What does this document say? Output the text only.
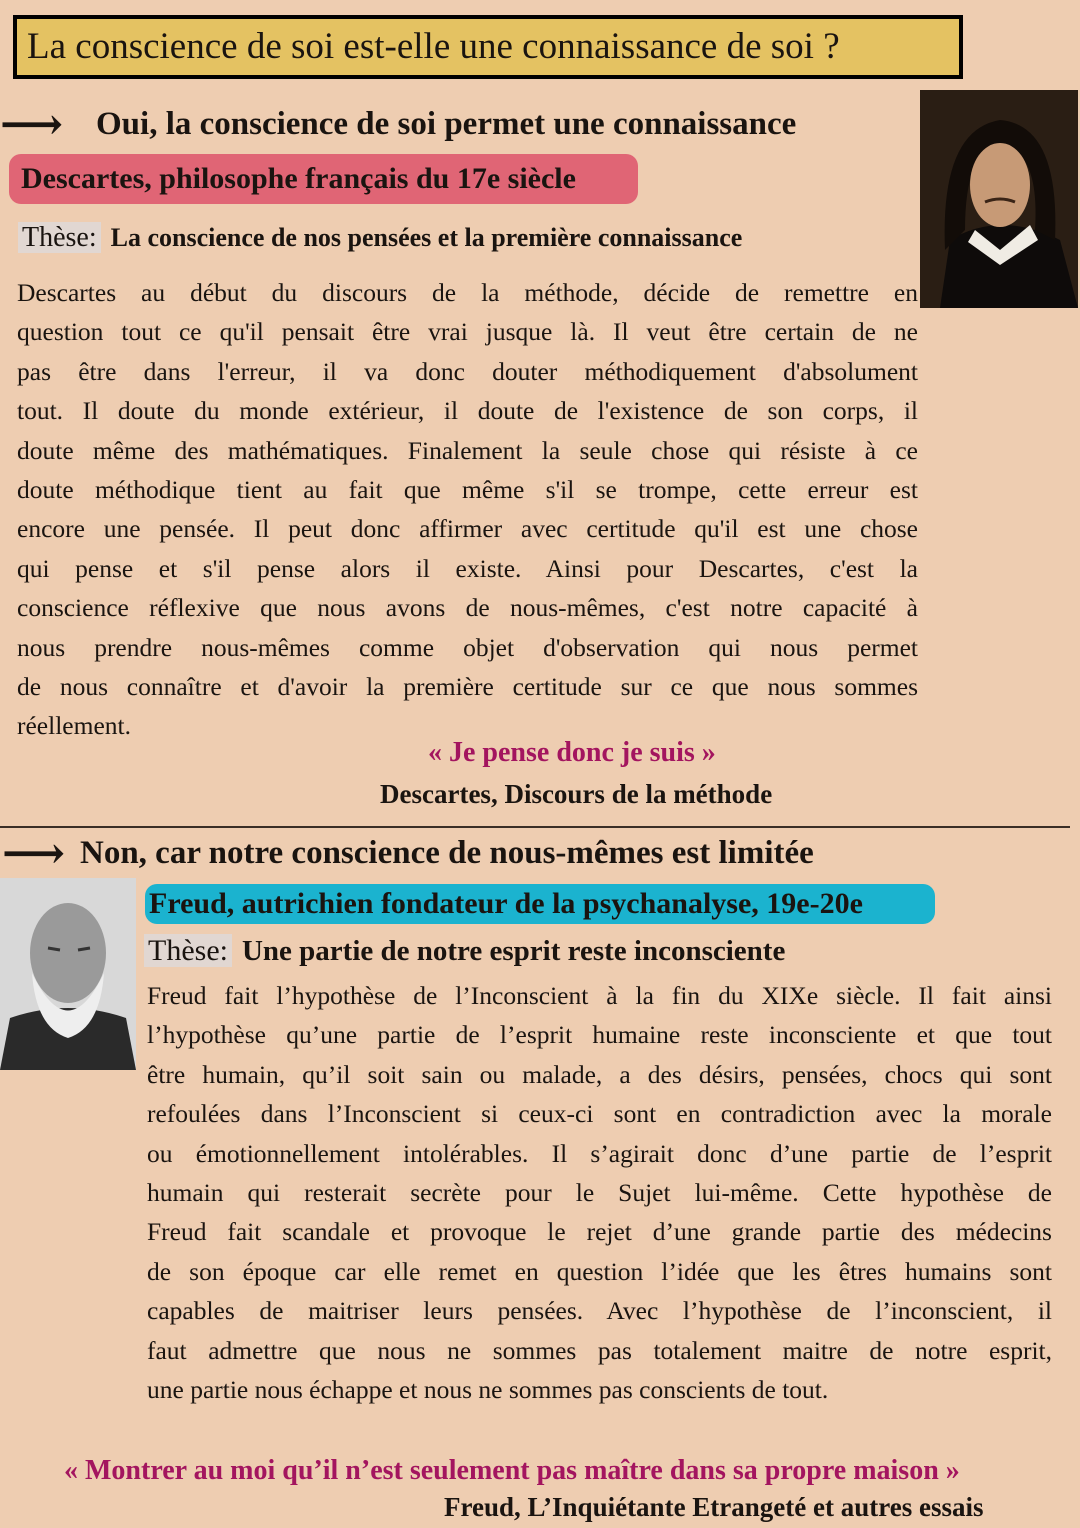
La conscience de soi est-elle une connaissance de soi ?
⟶ Oui, la conscience de soi permet une connaissance
Descartes, philosophe français du 17e siècle
Thèse: La conscience de nos pensées et la première connaissance
Descartes au début du discours de la méthode, décide de remettre en
question tout ce qu'il pensait être vrai jusque là. Il veut être certain de ne
pas être dans l'erreur, il va donc douter méthodiquement d'absolument
tout. Il doute du monde extérieur, il doute de l'existence de son corps, il
doute même des mathématiques. Finalement la seule chose qui résiste à ce
doute méthodique tient au fait que même s'il se trompe, cette erreur est
encore une pensée. Il peut donc affirmer avec certitude qu'il est une chose
qui pense et s'il pense alors il existe. Ainsi pour Descartes, c'est la
conscience réflexive que nous avons de nous-mêmes, c'est notre capacité à
nous prendre nous-mêmes comme objet d'observation qui nous permet
de nous connaître et d'avoir la première certitude sur ce que nous sommes
réellement.
« Je pense donc je suis »
Descartes, Discours de la méthode
⟶ Non, car notre conscience de nous-mêmes est limitée
Freud, autrichien fondateur de la psychanalyse, 19e-20e
Thèse: Une partie de notre esprit reste inconsciente
Freud fait l’hypothèse de l’Inconscient à la fin du XIXe siècle. Il fait ainsi
l’hypothèse qu’une partie de l’esprit humaine reste inconsciente et que tout
être humain, qu’il soit sain ou malade, a des désirs, pensées, chocs qui sont
refoulées dans l’Inconscient si ceux-ci sont en contradiction avec la morale
ou émotionnellement intolérables. Il s’agirait donc d’une partie de l’esprit
humain qui resterait secrète pour le Sujet lui-même. Cette hypothèse de
Freud fait scandale et provoque le rejet d’une grande partie des médecins
de son époque car elle remet en question l’idée que les êtres humains sont
capables de maitriser leurs pensées. Avec l’hypothèse de l’inconscient, il
faut admettre que nous ne sommes pas totalement maitre de notre esprit,
une partie nous échappe et nous ne sommes pas conscients de tout.
« Montrer au moi qu’il n’est seulement pas maître dans sa propre maison »
Freud, L’Inquiétante Etrangeté et autres essais
